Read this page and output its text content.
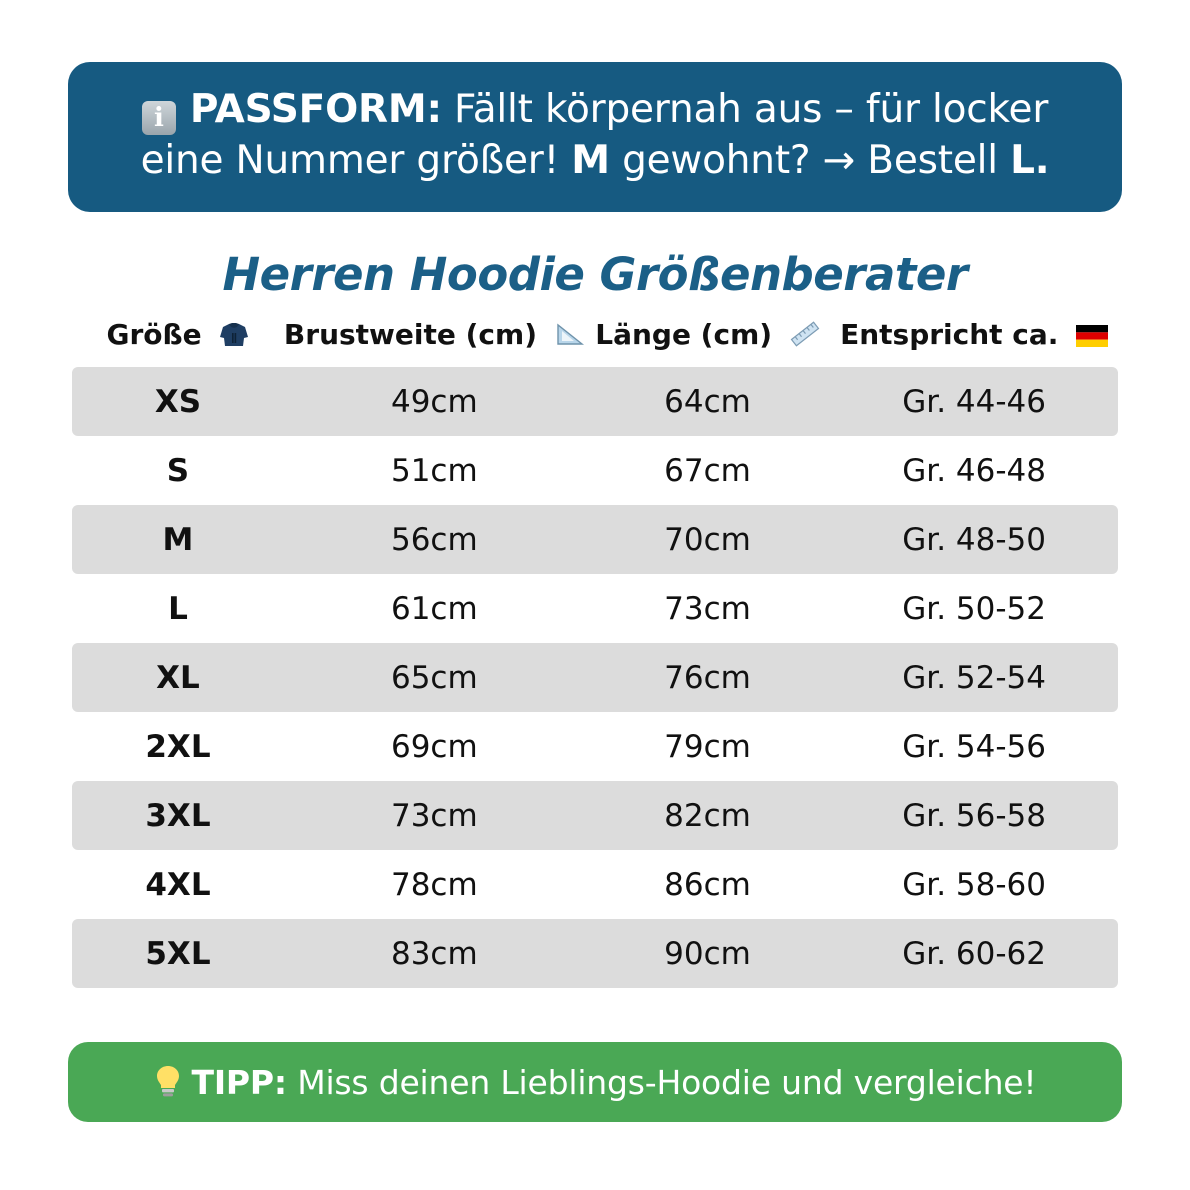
i PASSFORM: Fällt körpernah aus – für locker
eine Nummer größer! M gewohnt? → Bestell L.
Herren Hoodie Größenberater
Größe	Brustweite (cm)	Länge (cm)	Entspricht ca.
XS	49cm	64cm	Gr. 44-46
S	51cm	67cm	Gr. 46-48
M	56cm	70cm	Gr. 48-50
L	61cm	73cm	Gr. 50-52
XL	65cm	76cm	Gr. 52-54
2XL	69cm	79cm	Gr. 54-56
3XL	73cm	82cm	Gr. 56-58
4XL	78cm	86cm	Gr. 58-60
5XL	83cm	90cm	Gr. 60-62
TIPP: Miss deinen Lieblings-Hoodie und vergleiche!
